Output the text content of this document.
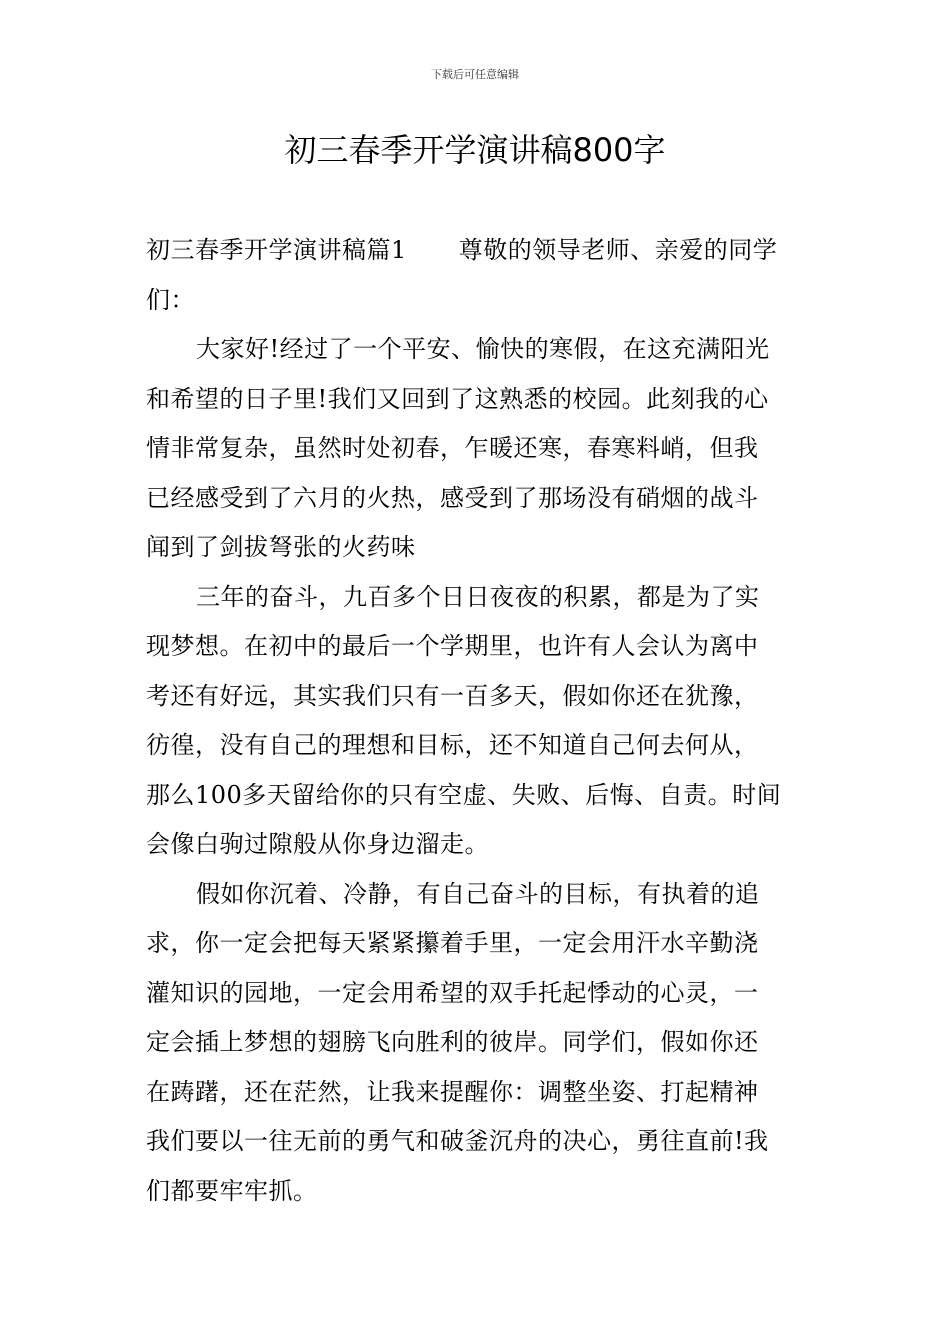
下载后可任意编辑
初三春季开学演讲稿800字
初三春季开学演讲稿篇1 尊敬的领导老师、亲爱的同学
们：
大家好!经过了一个平安、愉快的寒假，在这充满阳光
和希望的日子里!我们又回到了这熟悉的校园。此刻我的心
情非常复杂，虽然时处初春，乍暖还寒，春寒料峭，但我
已经感受到了六月的火热，感受到了那场没有硝烟的战斗
闻到了剑拔弩张的火药味
三年的奋斗，九百多个日日夜夜的积累，都是为了实
现梦想。在初中的最后一个学期里，也许有人会认为离中
考还有好远，其实我们只有一百多天，假如你还在犹豫，
彷徨，没有自己的理想和目标，还不知道自己何去何从，
那么100多天留给你的只有空虚、失败、后悔、自责。时间
会像白驹过隙般从你身边溜走。
假如你沉着、冷静，有自己奋斗的目标，有执着的追
求，你一定会把每天紧紧攥着手里，一定会用汗水辛勤浇
灌知识的园地，一定会用希望的双手托起悸动的心灵，一
定会插上梦想的翅膀飞向胜利的彼岸。同学们，假如你还
在踌躇，还在茫然，让我来提醒你：调整坐姿、打起精神
我们要以一往无前的勇气和破釜沉舟的决心，勇往直前!我
们都要牢牢抓。
